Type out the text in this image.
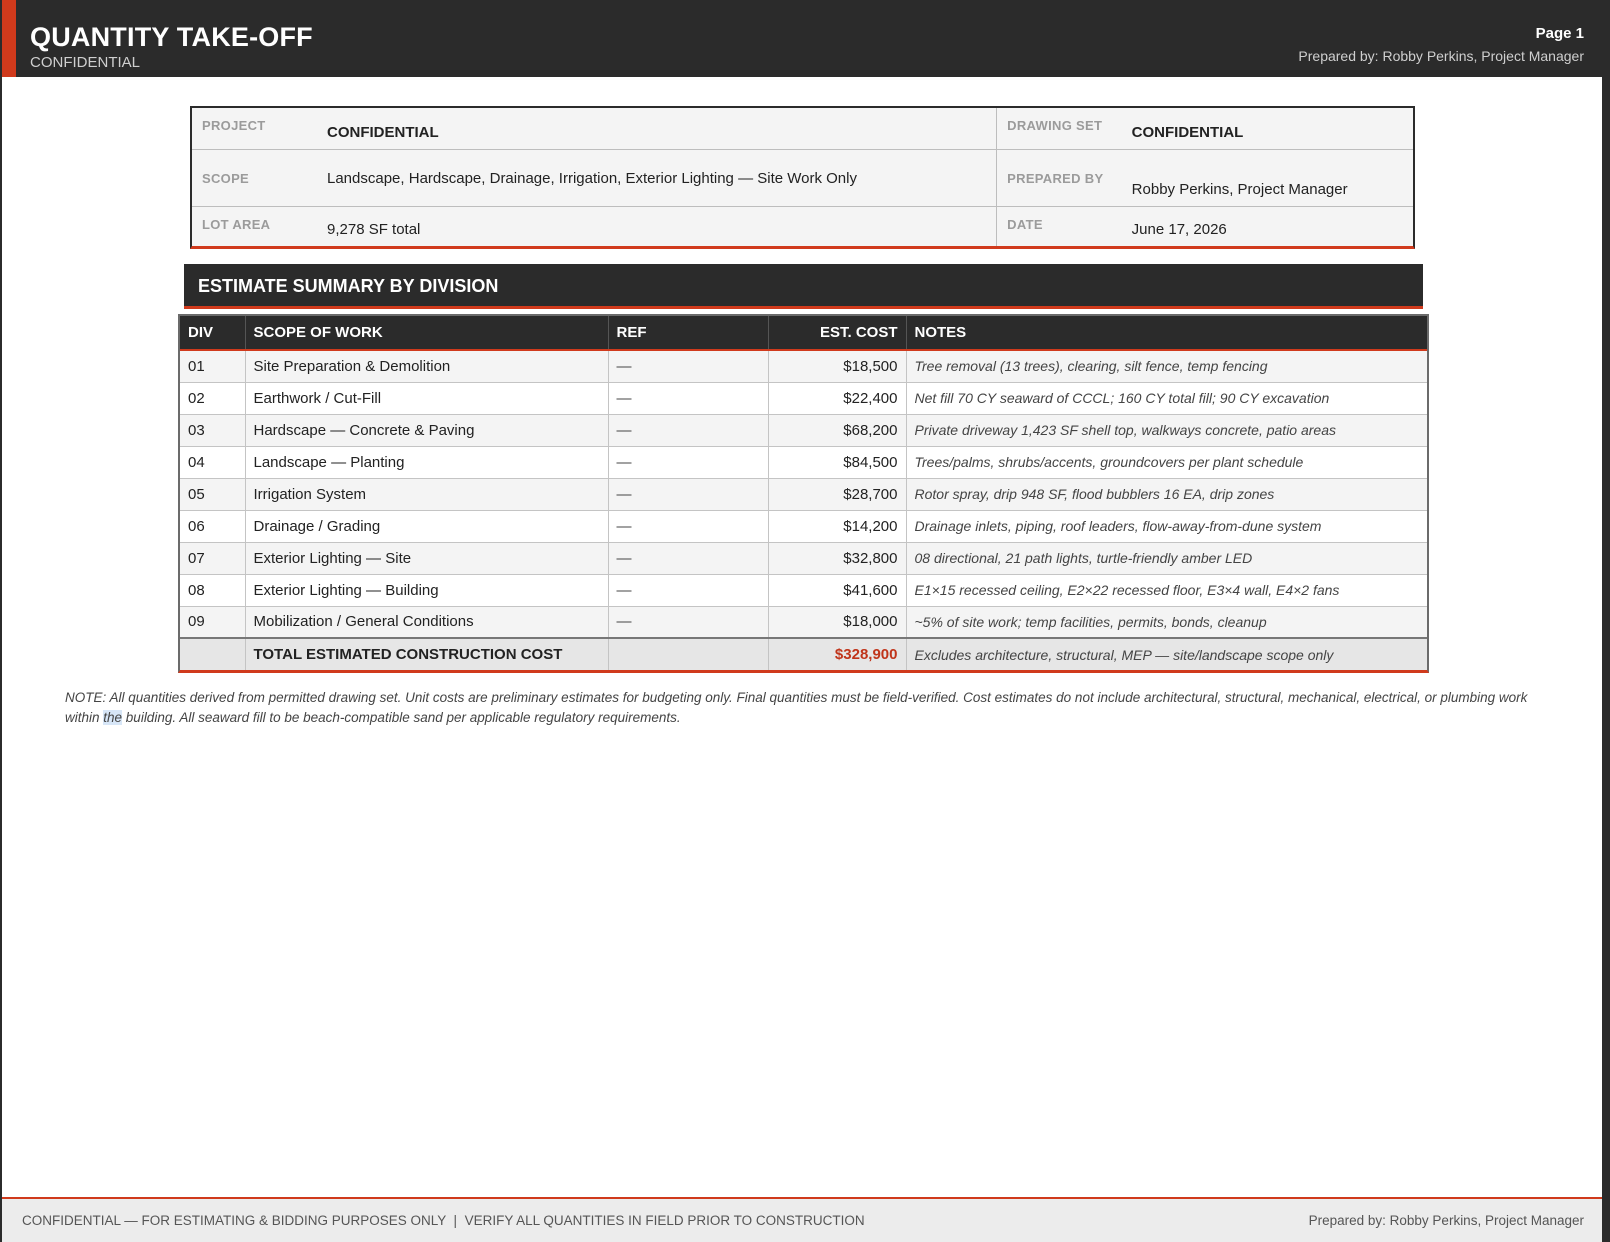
QUANTITY TAKE-OFF
CONFIDENTIAL
Page 1
Prepared by: Robby Perkins, Project Manager
PROJECT	CONFIDENTIAL	DRAWING SET	CONFIDENTIAL
SCOPE	Landscape, Hardscape, Drainage, Irrigation, Exterior Lighting — Site Work Only	PREPARED BY	Robby Perkins, Project Manager
LOT AREA	9,278 SF total	DATE	June 17, 2026
ESTIMATE SUMMARY BY DIVISION
DIV	SCOPE OF WORK	REF	EST. COST	NOTES
01	Site Preparation & Demolition	—	$18,500	Tree removal (13 trees), clearing, silt fence, temp fencing
02	Earthwork / Cut-Fill	—	$22,400	Net fill 70 CY seaward of CCCL; 160 CY total fill; 90 CY excavation
03	Hardscape — Concrete & Paving	—	$68,200	Private driveway 1,423 SF shell top, walkways concrete, patio areas
04	Landscape — Planting	—	$84,500	Trees/palms, shrubs/accents, groundcovers per plant schedule
05	Irrigation System	—	$28,700	Rotor spray, drip 948 SF, flood bubblers 16 EA, drip zones
06	Drainage / Grading	—	$14,200	Drainage inlets, piping, roof leaders, flow-away-from-dune system
07	Exterior Lighting — Site	—	$32,800	08 directional, 21 path lights, turtle-friendly amber LED
08	Exterior Lighting — Building	—	$41,600	E1×15 recessed ceiling, E2×22 recessed floor, E3×4 wall, E4×2 fans
09	Mobilization / General Conditions	—	$18,000	~5% of site work; temp facilities, permits, bonds, cleanup
	TOTAL ESTIMATED CONSTRUCTION COST		$328,900	Excludes architecture, structural, MEP — site/landscape scope only
NOTE: All quantities derived from permitted drawing set. Unit costs are preliminary estimates for budgeting only. Final quantities must be field-verified. Cost estimates do not include architectural, structural, mechanical, electrical, or plumbing work within the building. All seaward fill to be beach-compatible sand per applicable regulatory requirements.
CONFIDENTIAL — FOR ESTIMATING & BIDDING PURPOSES ONLY  |  VERIFY ALL QUANTITIES IN FIELD PRIOR TO CONSTRUCTION	Prepared by: Robby Perkins, Project Manager
